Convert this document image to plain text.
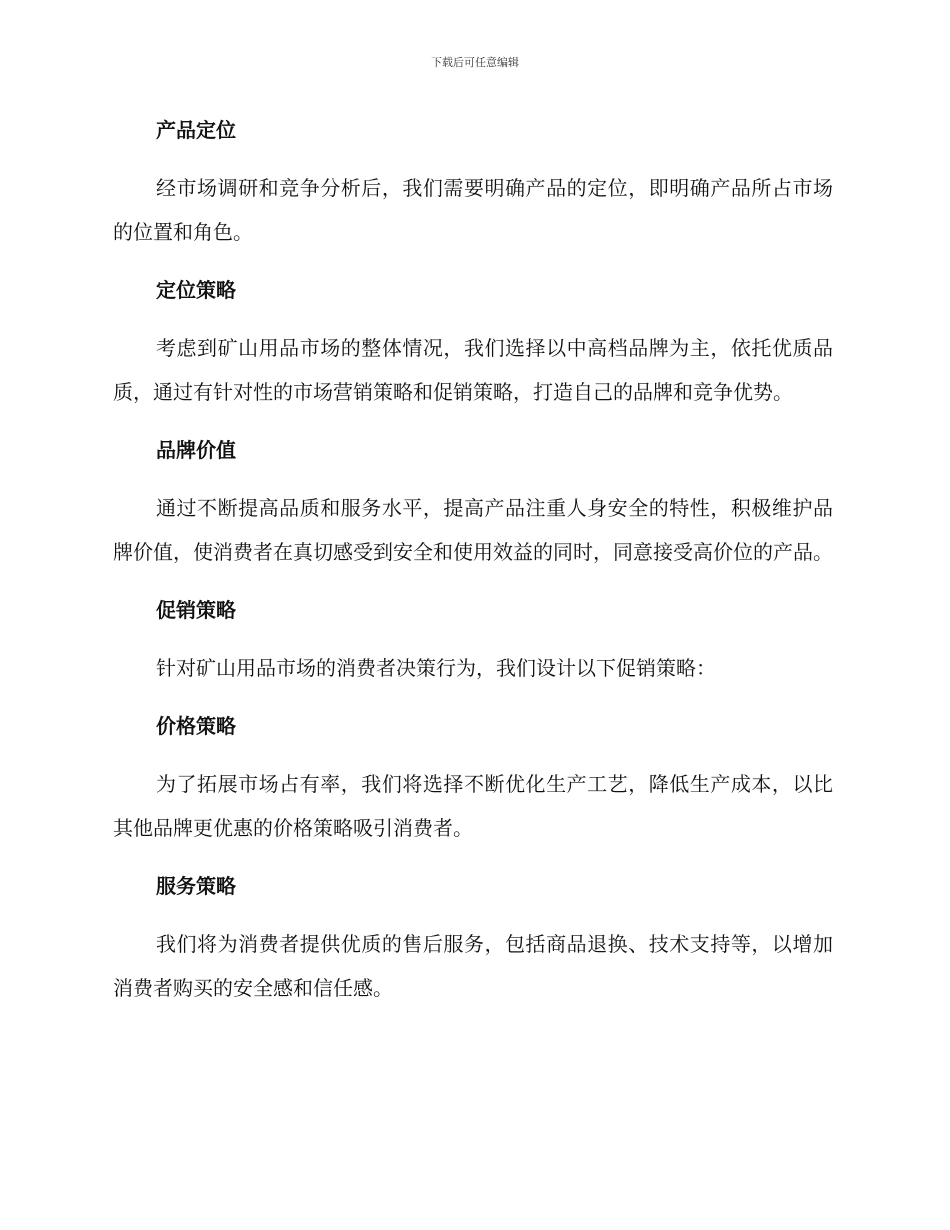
下载后可任意编辑
产品定位
经市场调研和竞争分析后，我们需要明确产品的定位，即明确产品所占市场的位置和角色。
定位策略
考虑到矿山用品市场的整体情况，我们选择以中高档品牌为主，依托优质品质，通过有针对性的市场营销策略和促销策略，打造自己的品牌和竞争优势。
品牌价值
通过不断提高品质和服务水平，提高产品注重人身安全的特性，积极维护品牌价值，使消费者在真切感受到安全和使用效益的同时，同意接受高价位的产品。
促销策略
针对矿山用品市场的消费者决策行为，我们设计以下促销策略：
价格策略
为了拓展市场占有率，我们将选择不断优化生产工艺，降低生产成本，以比其他品牌更优惠的价格策略吸引消费者。
服务策略
我们将为消费者提供优质的售后服务，包括商品退换、技术支持等，以增加消费者购买的安全感和信任感。
